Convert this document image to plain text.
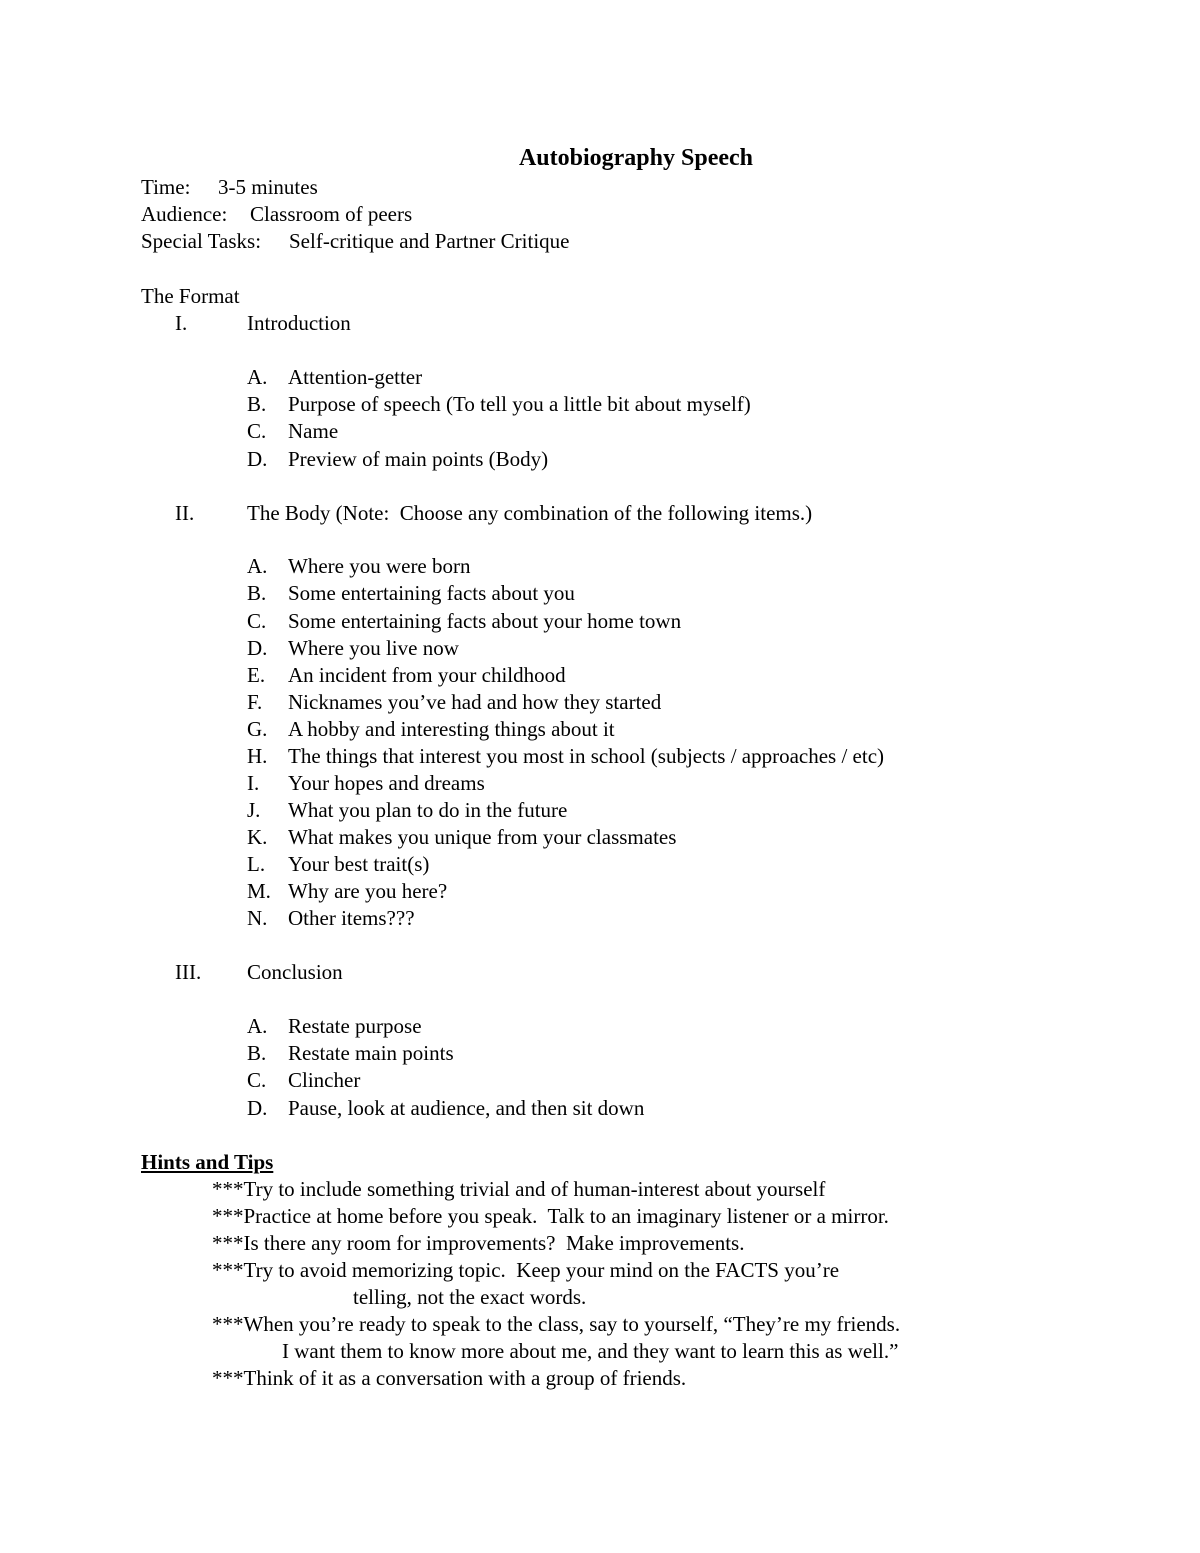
Autobiography Speech
Time: 3-5 minutes
Audience: Classroom of peers
Special Tasks: Self-critique and Partner Critique
The Format
I.	Introduction
A. Attention-getter
B. Purpose of speech (To tell you a little bit about myself)
C. Name
D. Preview of main points (Body)
II.	The Body (Note:  Choose any combination of the following items.)
A. Where you were born
B. Some entertaining facts about you
C. Some entertaining facts about your home town
D. Where you live now
E. An incident from your childhood
F. Nicknames you’ve had and how they started
G. A hobby and interesting things about it
H. The things that interest you most in school (subjects / approaches / etc)
I. Your hopes and dreams
J. What you plan to do in the future
K. What makes you unique from your classmates
L. Your best trait(s)
M. Why are you here?
N. Other items???
III. Conclusion
A. Restate purpose
B. Restate main points
C. Clincher
D. Pause, look at audience, and then sit down
Hints and Tips
***Try to include something trivial and of human-interest about yourself
***Practice at home before you speak.  Talk to an imaginary listener or a mirror.
***Is there any room for improvements?  Make improvements.
***Try to avoid memorizing topic.  Keep your mind on the FACTS you’re
telling, not the exact words.
***When you’re ready to speak to the class, say to yourself, “They’re my friends.
I want them to know more about me, and they want to learn this as well.”
***Think of it as a conversation with a group of friends.
